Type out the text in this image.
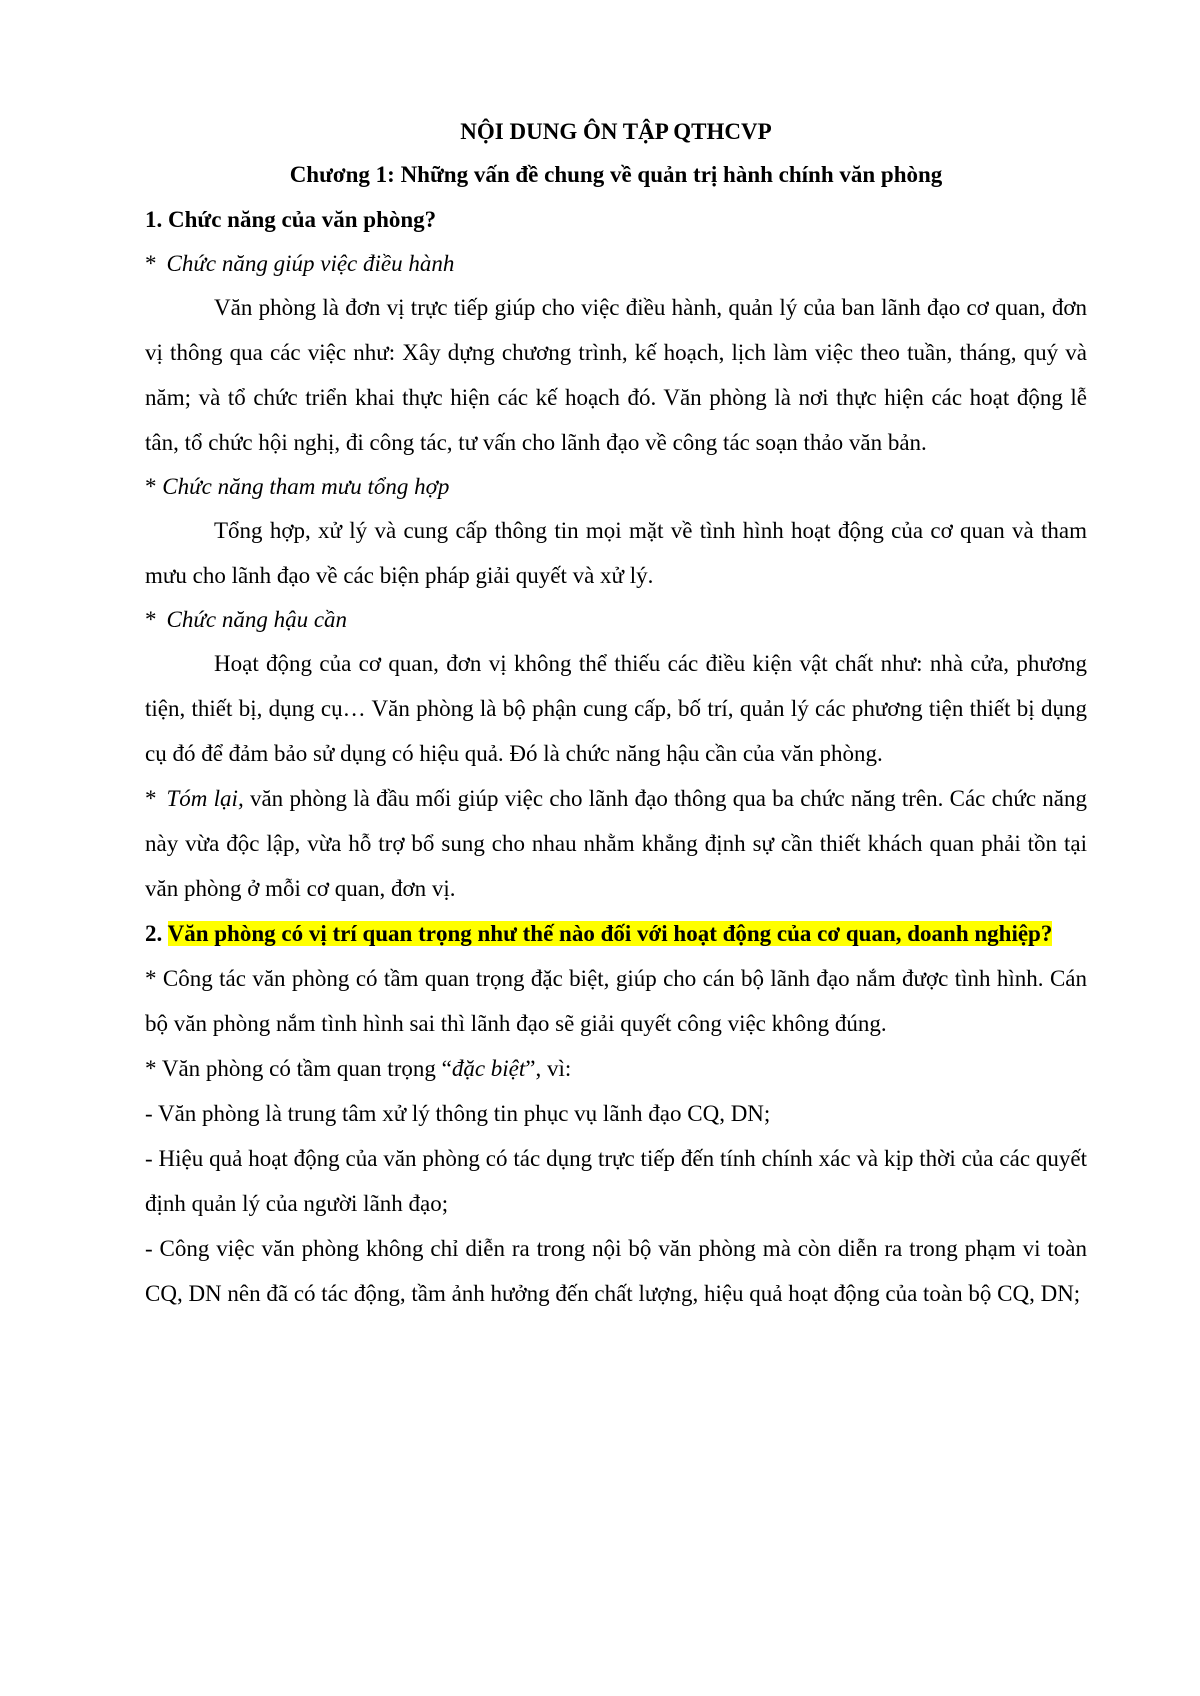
NỘI DUNG ÔN TẬP QTHCVP

Chương 1: Những vấn đề chung về quản trị hành chính văn phòng

1. Chức năng của văn phòng?

* Chức năng giúp việc điều hành

Văn phòng là đơn vị trực tiếp giúp cho việc điều hành, quản lý của ban lãnh đạo cơ quan, đơn vị thông qua các việc như: Xây dựng chương trình, kế hoạch, lịch làm việc theo tuần, tháng, quý và năm; và tổ chức triển khai thực hiện các kế hoạch đó. Văn phòng là nơi thực hiện các hoạt động lễ tân, tổ chức hội nghị, đi công tác, tư vấn cho lãnh đạo về công tác soạn thảo văn bản.

* Chức năng tham mưu tổng hợp

Tổng hợp, xử lý và cung cấp thông tin mọi mặt về tình hình hoạt động của cơ quan và tham mưu cho lãnh đạo về các biện pháp giải quyết và xử lý.

* Chức năng hậu cần

Hoạt động của cơ quan, đơn vị không thể thiếu các điều kiện vật chất như: nhà cửa, phương tiện, thiết bị, dụng cụ… Văn phòng là bộ phận cung cấp, bố trí, quản lý các phương tiện thiết bị dụng cụ đó để đảm bảo sử dụng có hiệu quả. Đó là chức năng hậu cần của văn phòng.

* Tóm lại, văn phòng là đầu mối giúp việc cho lãnh đạo thông qua ba chức năng trên. Các chức năng này vừa độc lập, vừa hỗ trợ bổ sung cho nhau nhằm khẳng định sự cần thiết khách quan phải tồn tại văn phòng ở mỗi cơ quan, đơn vị.

2. Văn phòng có vị trí quan trọng như thế nào đối với hoạt động của cơ quan, doanh nghiệp?

* Công tác văn phòng có tầm quan trọng đặc biệt, giúp cho cán bộ lãnh đạo nắm được tình hình. Cán bộ văn phòng nắm tình hình sai thì lãnh đạo sẽ giải quyết công việc không đúng.

* Văn phòng có tầm quan trọng “đặc biệt”, vì:

- Văn phòng là trung tâm xử lý thông tin phục vụ lãnh đạo CQ, DN;

- Hiệu quả hoạt động của văn phòng có tác dụng trực tiếp đến tính chính xác và kịp thời của các quyết định quản lý của người lãnh đạo;

- Công việc văn phòng không chỉ diễn ra trong nội bộ văn phòng mà còn diễn ra trong phạm vi toàn CQ, DN nên đã có tác động, tầm ảnh hưởng đến chất lượng, hiệu quả hoạt động của toàn bộ CQ, DN;
